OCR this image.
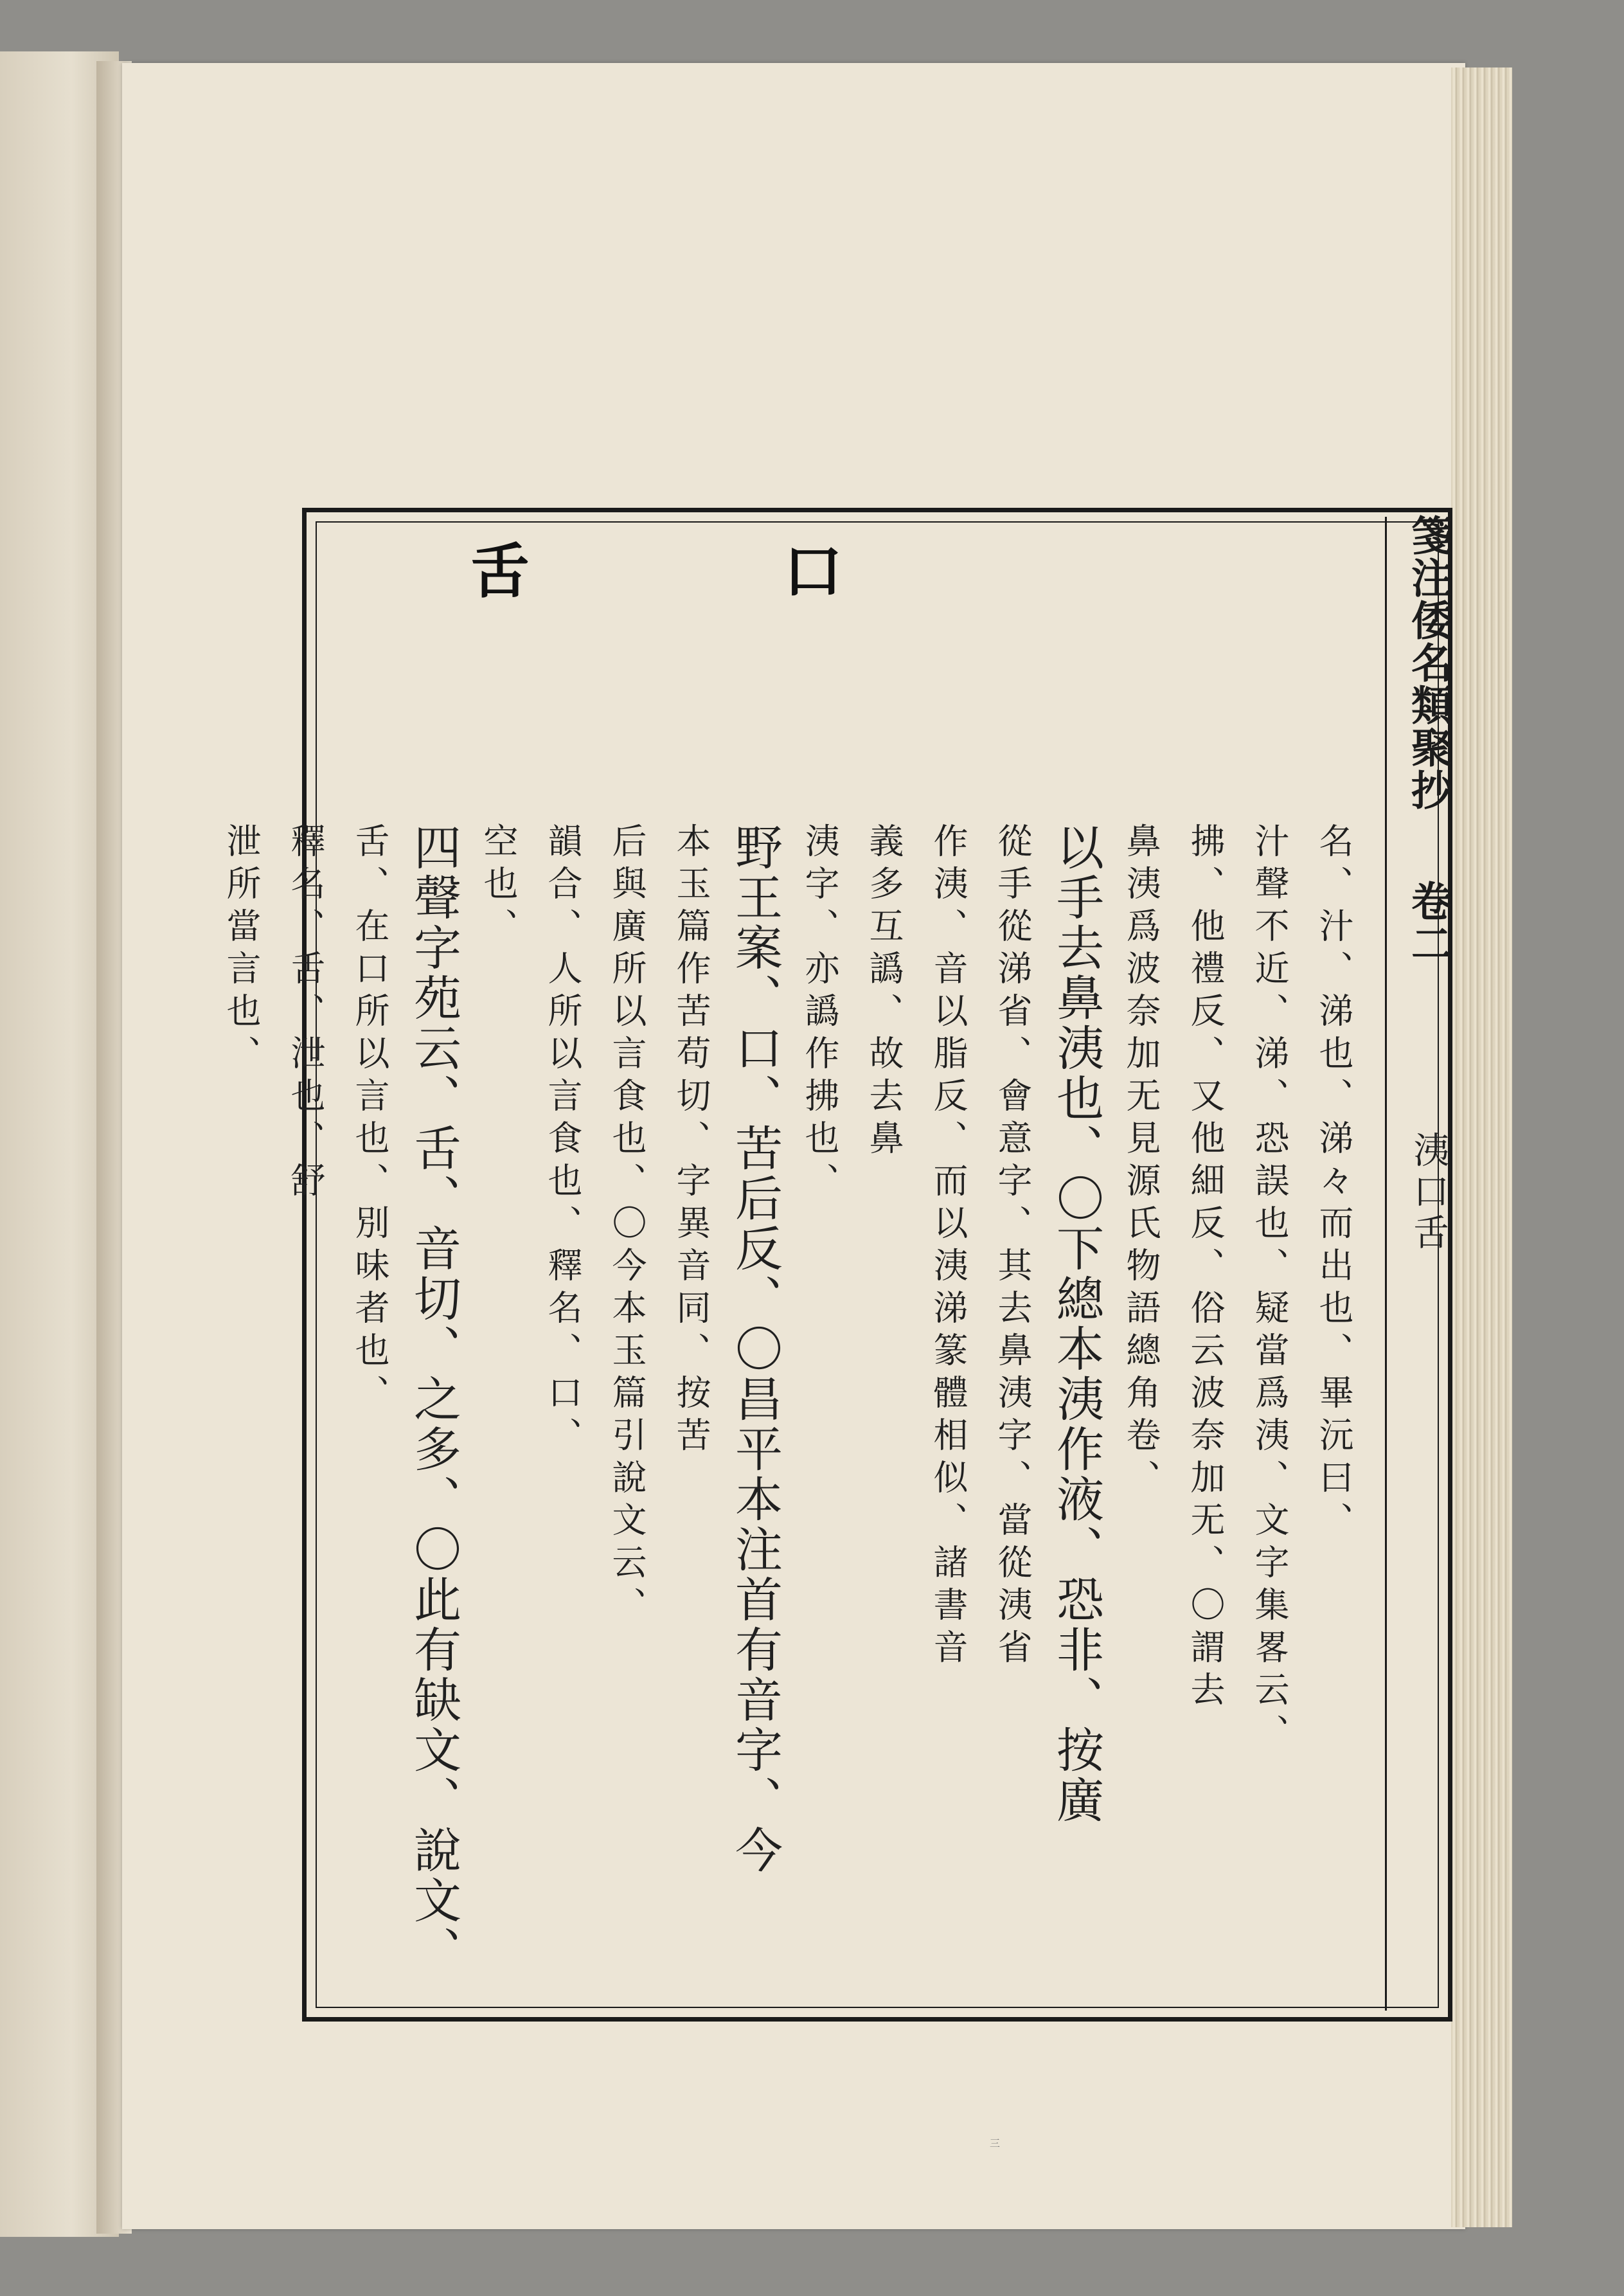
箋注倭名類聚抄 卷二
洟口舌
口
舌
名、汁、涕也、涕々而出也、畢沅曰、
汁聲不近、涕、恐誤也、疑當爲洟、文字集畧云、
拂、他禮反、又他細反、俗云波奈加无、〇謂去
鼻洟爲波奈加无見源氏物語總角卷、
以手去鼻洟也、〇下總本洟作液、恐非、按廣
從手從涕省、會意字、其去鼻洟字、當從洟省
作洟、音以脂反、而以洟涕篆體相似、諸書音
義多互譌、故去鼻
洟字、亦譌作拂也、
野王案、口、苦后反、〇昌平本注首有音字、今
本玉篇作苦苟切、字異音同、按苦
后與廣所以言食也、〇今本玉篇引說文云、
韻合、人所以言食也、釋名、口、
空也、
四聲字苑云、舌、音切、之多、〇此有缺文、說文、
舌、在口所以言也、別味者也、
釋名、舌、泄也、舒
泄所當言也、
三
